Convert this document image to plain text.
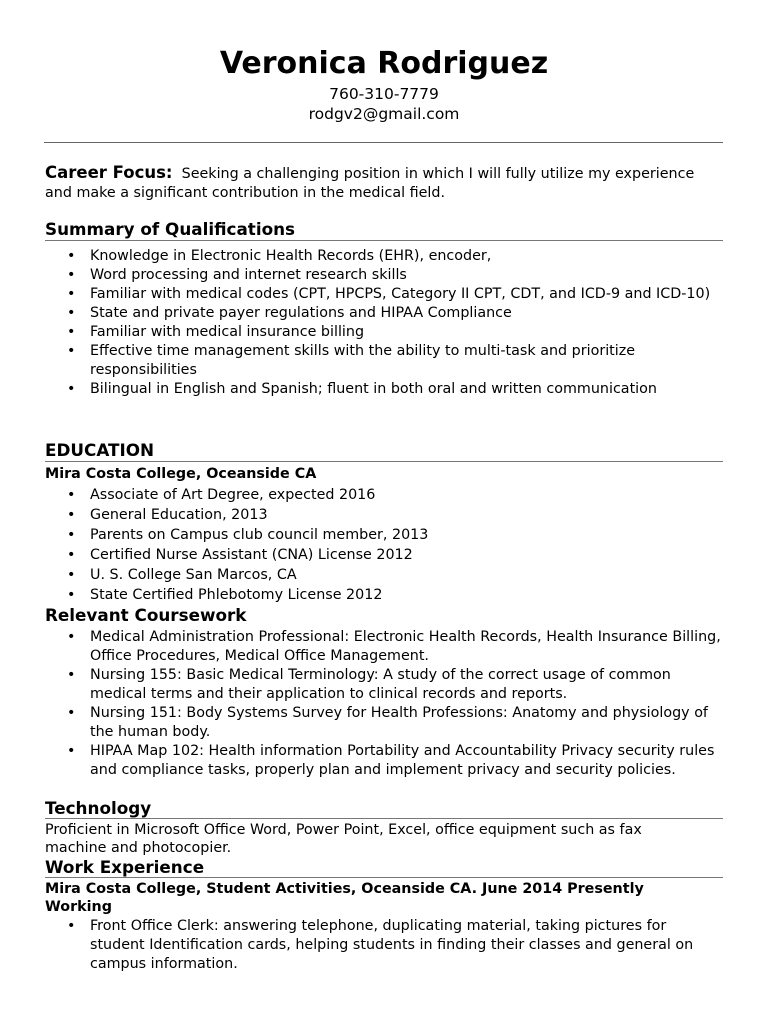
Veronica Rodriguez
760-310-7779
rodgv2@gmail.com
Career Focus: Seeking a challenging position in which I will fully utilize my experience and make a significant contribution in the medical field.
Summary of Qualifications
• Knowledge in Electronic Health Records (EHR), encoder,
• Word processing and internet research skills
• Familiar with medical codes (CPT, HPCPS, Category II CPT, CDT, and ICD-9 and ICD-10)
• State and private payer regulations and HIPAA Compliance
• Familiar with medical insurance billing
• Effective time management skills with the ability to multi-task and prioritize responsibilities
• Bilingual in English and Spanish; fluent in both oral and written communication
EDUCATION
Mira Costa College, Oceanside CA
• Associate of Art Degree, expected 2016
• General Education, 2013
• Parents on Campus club council member, 2013
• Certified Nurse Assistant (CNA) License 2012
• U. S. College San Marcos, CA
• State Certified Phlebotomy License 2012
Relevant Coursework
• Medical Administration Professional: Electronic Health Records, Health Insurance Billing, Office Procedures, Medical Office Management.
• Nursing 155: Basic Medical Terminology: A study of the correct usage of common medical terms and their application to clinical records and reports.
• Nursing 151: Body Systems Survey for Health Professions: Anatomy and physiology of the human body.
• HIPAA Map 102: Health information Portability and Accountability Privacy security rules and compliance tasks, properly plan and implement privacy and security policies.
Technology
Proficient in Microsoft Office Word, Power Point, Excel, office equipment such as fax machine and photocopier.
Work Experience
Mira Costa College, Student Activities, Oceanside CA. June 2014 Presently Working
• Front Office Clerk: answering telephone, duplicating material, taking pictures for student Identification cards, helping students in finding their classes and general on campus information.
